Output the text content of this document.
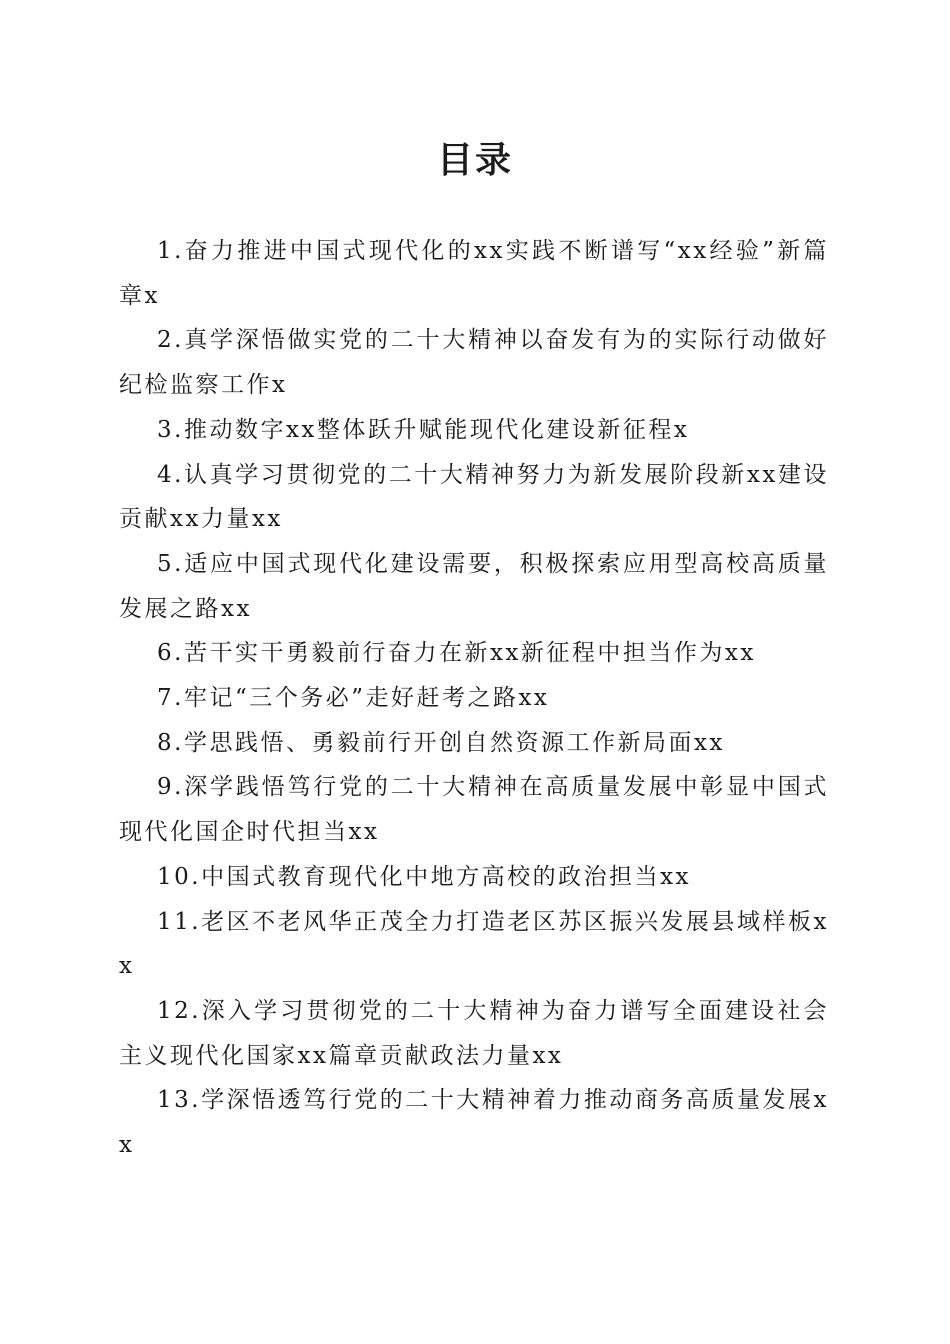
目录
1.奋力推进中国式现代化的xx实践不断谱写“xx经验”新篇章x
2.真学深悟做实党的二十大精神以奋发有为的实际行动做好纪检监察工作x
3.推动数字xx整体跃升赋能现代化建设新征程x
4.认真学习贯彻党的二十大精神努力为新发展阶段新xx建设贡献xx力量xx
5.适应中国式现代化建设需要，积极探索应用型高校高质量发展之路xx
6.苦干实干勇毅前行奋力在新xx新征程中担当作为xx
7.牢记“三个务必”走好赶考之路xx
8.学思践悟、勇毅前行开创自然资源工作新局面xx
9.深学践悟笃行党的二十大精神在高质量发展中彰显中国式现代化国企时代担当xx
10.中国式教育现代化中地方高校的政治担当xx
11.老区不老风华正茂全力打造老区苏区振兴发展县域样板xx
12.深入学习贯彻党的二十大精神为奋力谱写全面建设社会主义现代化国家xx篇章贡献政法力量xx
13.学深悟透笃行党的二十大精神着力推动商务高质量发展xx
